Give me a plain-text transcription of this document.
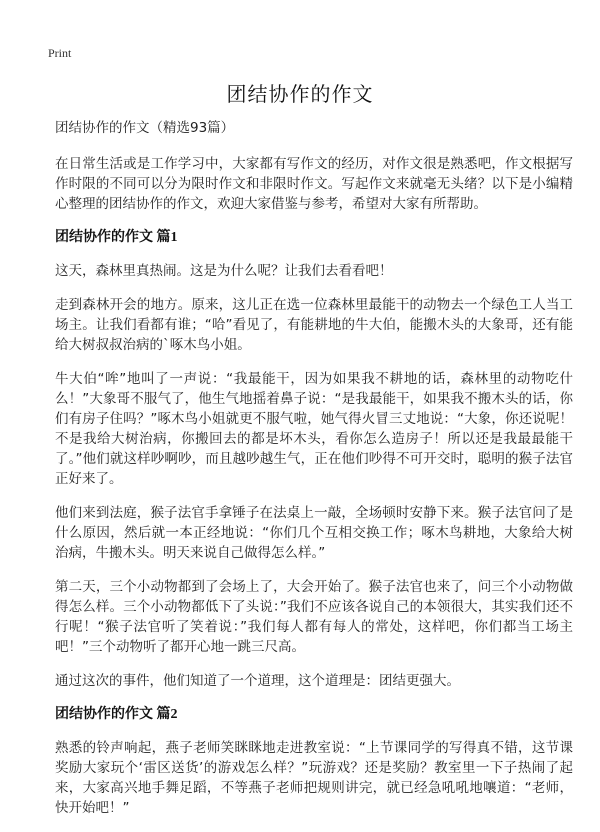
Print
团结协作的作文

团结协作的作文（精选93篇）

在日常生活或是工作学习中，大家都有写作文的经历，对作文很是熟悉吧，作文根据写作时限的不同可以分为限时作文和非限时作文。写起作文来就毫无头绪？以下是小编精心整理的团结协作的作文，欢迎大家借鉴与参考，希望对大家有所帮助。

团结协作的作文 篇1

这天，森林里真热闹。这是为什么呢？让我们去看看吧！

走到森林开会的地方。原来，这儿正在选一位森林里最能干的动物去一个绿色工人当工场主。让我们看都有谁；“哈”看见了，有能耕地的牛大伯，能搬木头的大象哥，还有能给大树叔叔治病的`啄木鸟小姐。

牛大伯“哞”地叫了一声说：“我最能干，因为如果我不耕地的话，森林里的动物吃什么！”大象哥不服气了，他生气地摇着鼻子说：“是我最能干，如果我不搬木头的话，你们有房子住吗？”啄木鸟小姐就更不服气啦，她气得火冒三丈地说：“大象，你还说呢！不是我给大树治病，你搬回去的都是坏木头，看你怎么造房子！所以还是我最最能干了。”他们就这样吵啊吵，而且越吵越生气，正在他们吵得不可开交时，聪明的猴子法官正好来了。

他们来到法庭，猴子法官手拿锤子在法桌上一敲，全场顿时安静下来。猴子法官问了是什么原因，然后就一本正经地说：“你们几个互相交换工作；啄木鸟耕地，大象给大树治病，牛搬木头。明天来说自己做得怎么样。”

第二天，三个小动物都到了会场上了，大会开始了。猴子法官也来了，问三个小动物做得怎么样。三个小动物都低下了头说：”我们不应该各说自己的本领很大，其实我们还不行呢！“猴子法官听了笑着说：”我们每人都有每人的常处，这样吧，你们都当工场主吧！”三个动物听了都开心地一跳三尺高。

通过这次的事件，他们知道了一个道理，这个道理是：团结更强大。

团结协作的作文 篇2

熟悉的铃声响起，燕子老师笑眯眯地走进教室说：“上节课同学的写得真不错，这节课奖励大家玩个‘雷区送货’的游戏怎么样？”玩游戏？还是奖励？教室里一下子热闹了起来，大家高兴地手舞足蹈，不等燕子老师把规则讲完，就已经急吼吼地嚷道：“老师，快开始吧！”
